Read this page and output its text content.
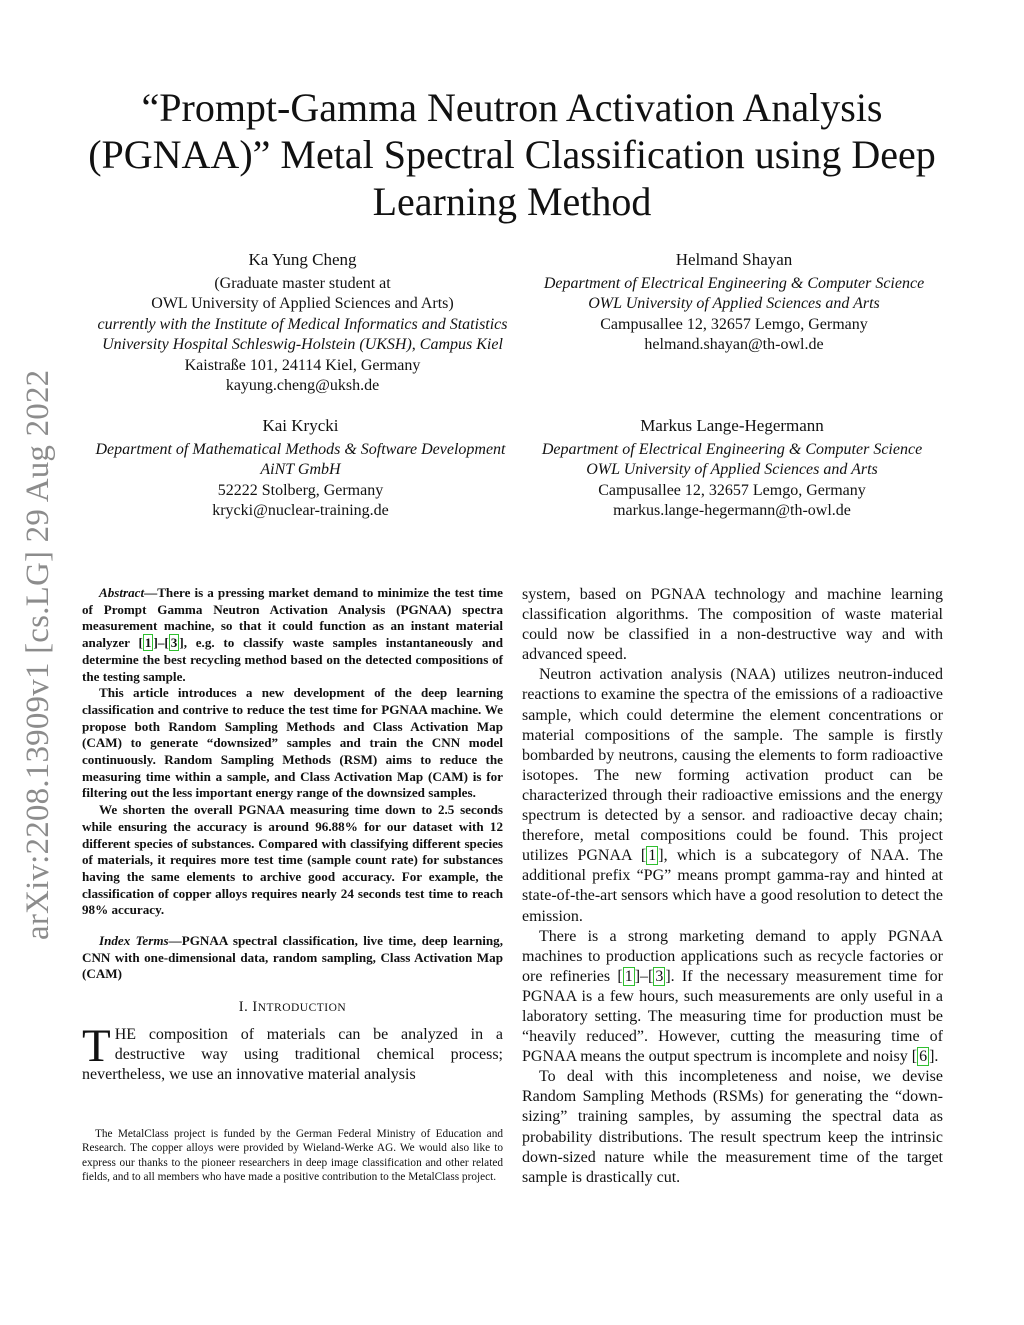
arXiv:2208.13909v1 [cs.LG] 29 Aug 2022
“Prompt-Gamma Neutron Activation Analysis (PGNAA)” Metal Spectral Classification using Deep Learning Method
Ka Yung Cheng
(Graduate master student at
OWL University of Applied Sciences and Arts)
currently with the Institute of Medical Informatics and Statistics
University Hospital Schleswig-Holstein (UKSH), Campus Kiel
Kaistraße 101, 24114 Kiel, Germany
kayung.cheng@uksh.de
Helmand Shayan
Department of Electrical Engineering & Computer Science
OWL University of Applied Sciences and Arts
Campusallee 12, 32657 Lemgo, Germany
helmand.shayan@th-owl.de
Kai Krycki
Department of Mathematical Methods & Software Development
AiNT GmbH
52222 Stolberg, Germany
krycki@nuclear-training.de
Markus Lange-Hegermann
Department of Electrical Engineering & Computer Science
OWL University of Applied Sciences and Arts
Campusallee 12, 32657 Lemgo, Germany
markus.lange-hegermann@th-owl.de

Abstract—There is a pressing market demand to minimize the test time of Prompt Gamma Neutron Activation Analysis (PGNAA) spectra measurement machine, so that it could function as an instant material analyzer [ 1 ]–[ 3 ], e.g. to classify waste samples instantaneously and determine the best recycling method based on the detected compositions of the testing sample.

This article introduces a new development of the deep learning classification and contrive to reduce the test time for PGNAA machine. We propose both Random Sampling Methods and Class Activation Map (CAM) to generate “downsized” samples and train the CNN model continuously. Random Sampling Methods (RSM) aims to reduce the measuring time within a sample, and Class Activation Map (CAM) is for filtering out the less important energy range of the downsized samples.

We shorten the overall PGNAA measuring time down to 2.5 seconds while ensuring the accuracy is around 96.88% for our dataset with 12 different species of substances. Compared with classifying different species of materials, it requires more test time (sample count rate) for substances having the same elements to archive good accuracy. For example, the classification of copper alloys requires nearly 24 seconds test time to reach 98% accuracy.

Index Terms—PGNAA spectral classification, live time, deep learning, CNN with one-dimensional data, random sampling, Class Activation Map (CAM)
I. INTRODUCTION

THE composition of materials can be analyzed in a destructive way using traditional chemical process; nevertheless, we use an innovative material analysis

The MetalClass project is funded by the German Federal Ministry of Education and Research. The copper alloys were provided by Wieland-Werke AG. We would also like to express our thanks to the pioneer researchers in deep image classification and other related fields, and to all members who have made a positive contribution to the MetalClass project.

system, based on PGNAA technology and machine learning classification algorithms. The composition of waste material could now be classified in a non-destructive way and with advanced speed.

Neutron activation analysis (NAA) utilizes neutron-induced reactions to examine the spectra of the emissions of a radioactive sample, which could determine the element concentrations or material compositions of the sample. The sample is firstly bombarded by neutrons, causing the elements to form radioactive isotopes. The new forming activation product can be characterized through their radioactive emissions and the energy spectrum is detected by a sensor. and radioactive decay chain; therefore, metal compositions could be found. This project utilizes PGNAA [ 1 ], which is a subcategory of NAA. The additional prefix “PG” means prompt gamma-ray and hinted at state-of-the-art sensors which have a good resolution to detect the emission.

There is a strong marketing demand to apply PGNAA machines to production applications such as recycle factories or ore refineries [ 1 ]–[ 3 ]. If the necessary measurement time for PGNAA is a few hours, such measurements are only useful in a laboratory setting. The measuring time for production must be “heavily reduced”. However, cutting the measuring time of PGNAA means the output spectrum is incomplete and noisy [ 6 ].

To deal with this incompleteness and noise, we devise Random Sampling Methods (RSMs) for generating the “down-sizing” training samples, by assuming the spectral data as probability distributions. The result spectrum keep the intrinsic down-sized nature while the measurement time of the target sample is drastically cut.
